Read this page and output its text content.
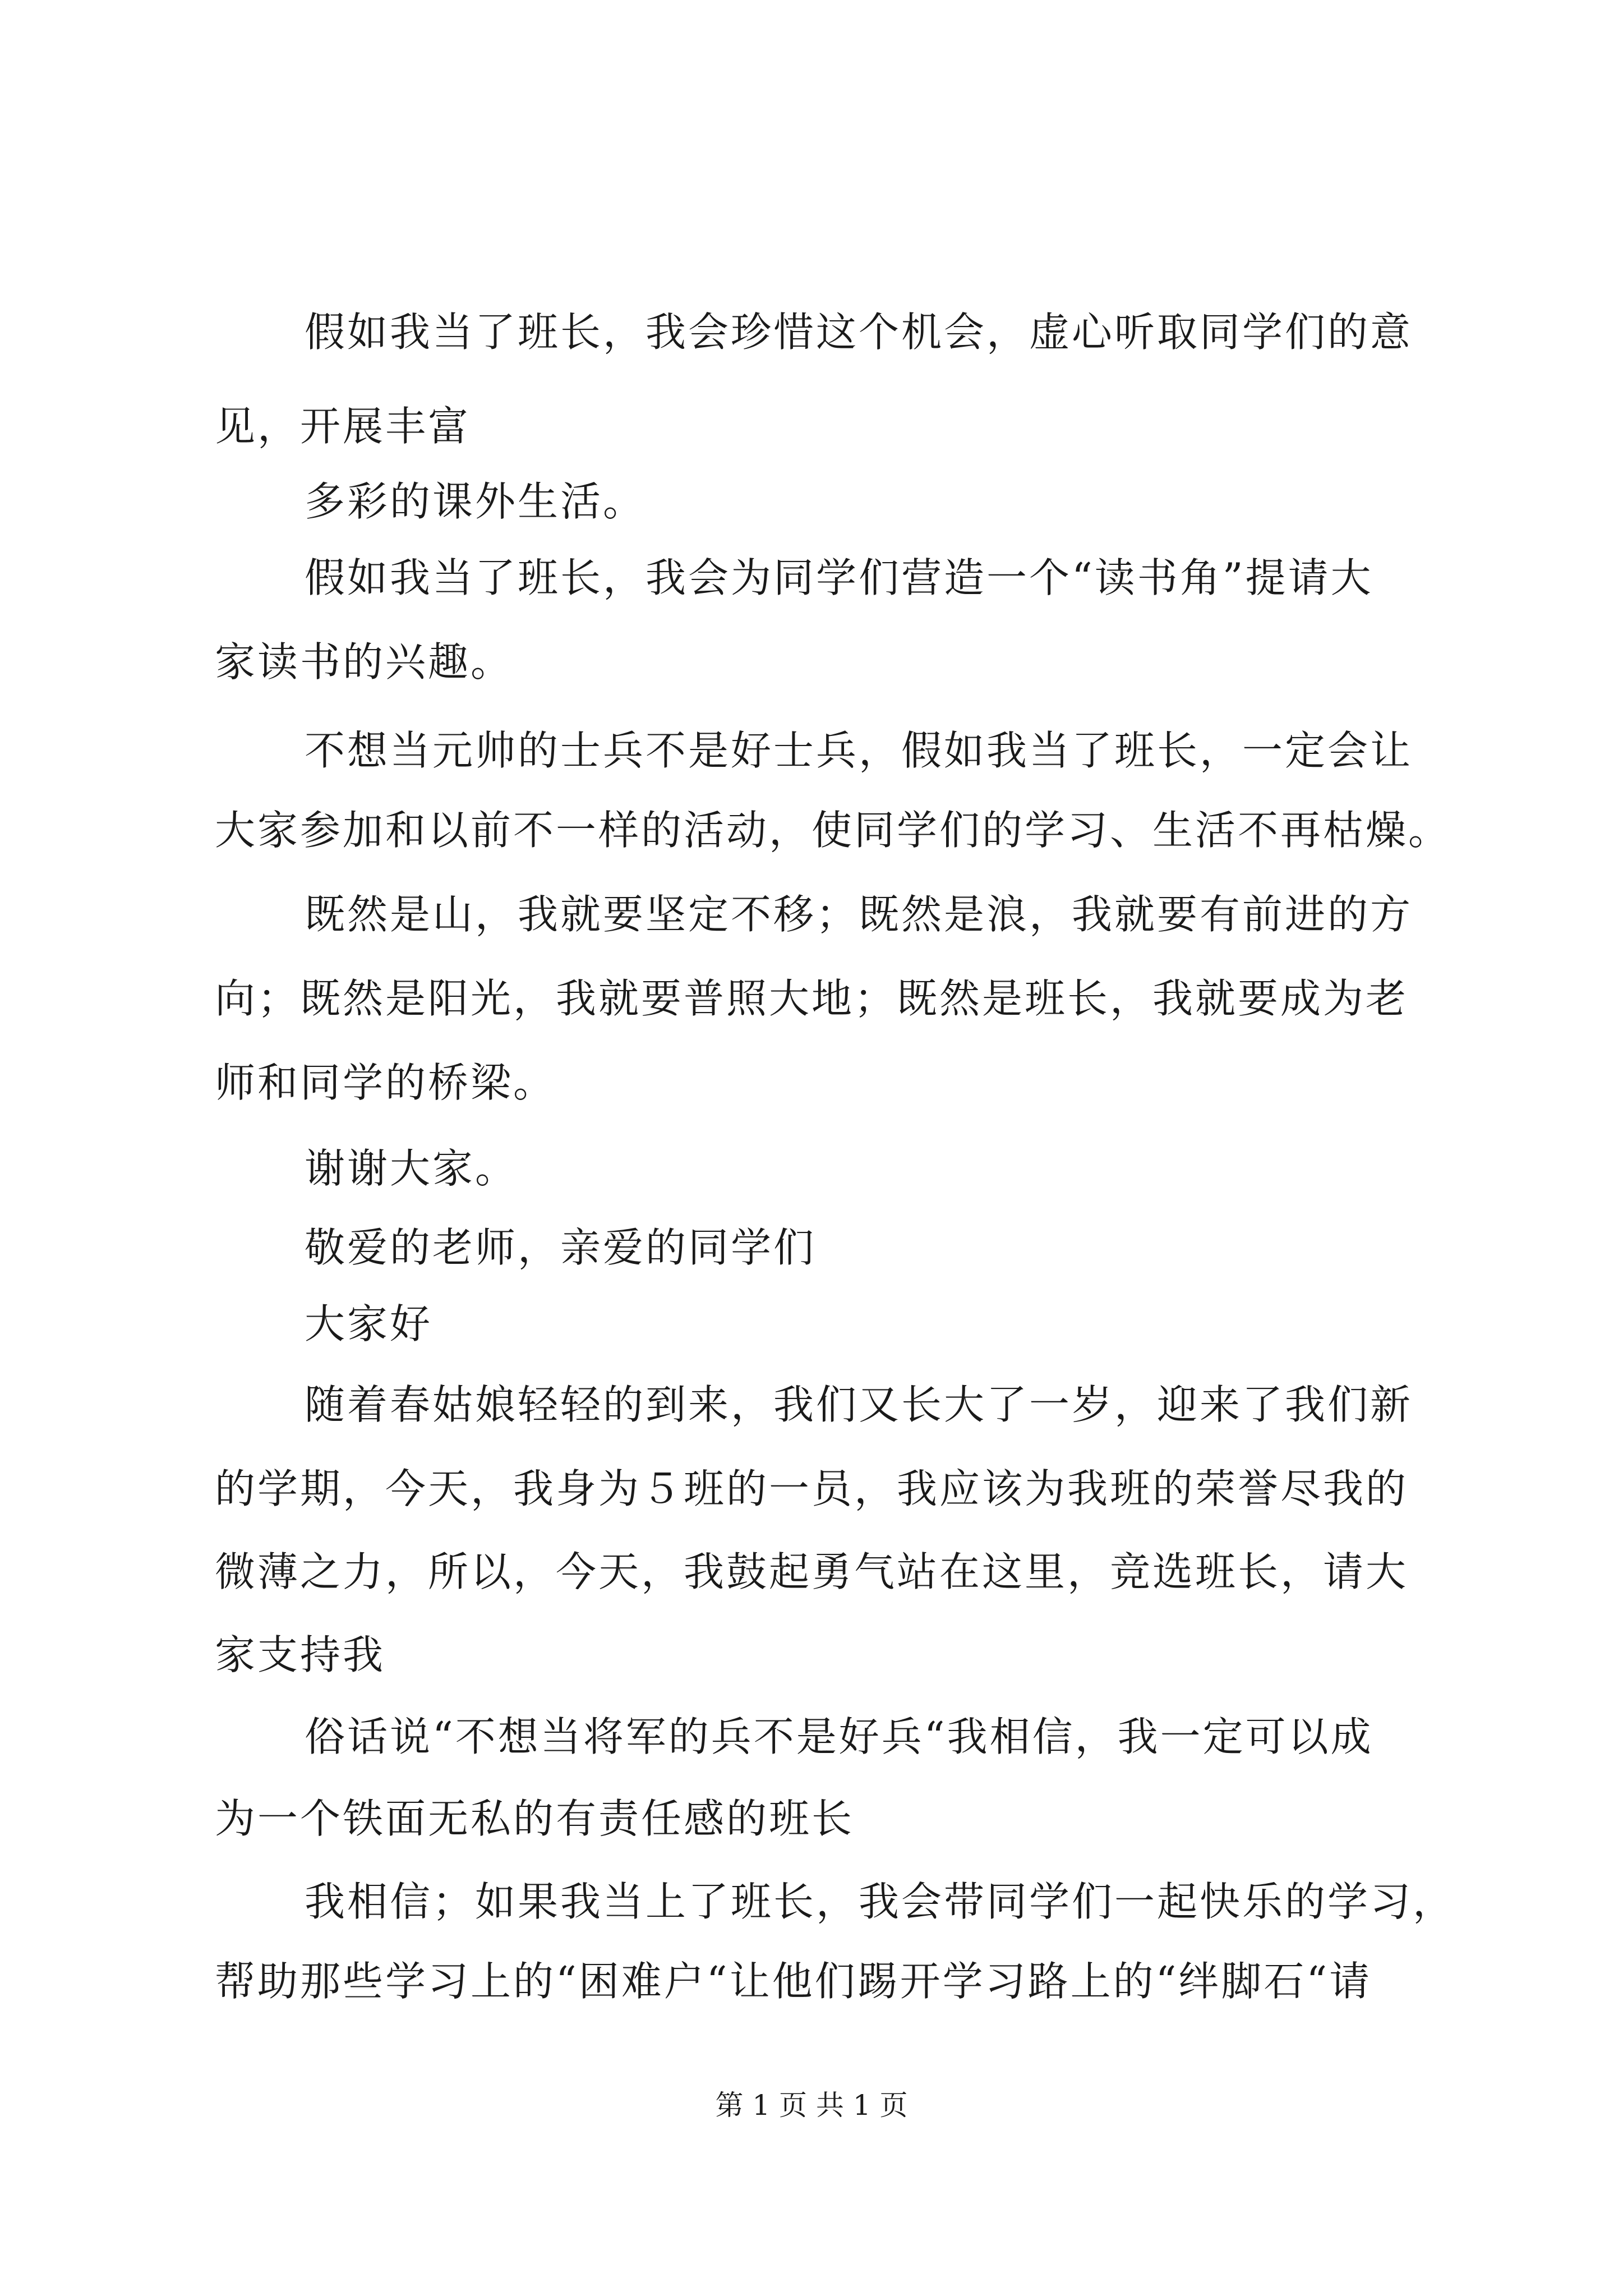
假如我当了班长，我会珍惜这个机会，虚心听取同学们的意
见，开展丰富
多彩的课外生活。
假如我当了班长，我会为同学们营造一个“读书角”提请大
家读书的兴趣。
不想当元帅的士兵不是好士兵，假如我当了班长，一定会让
大家参加和以前不一样的活动，使同学们的学习、生活不再枯燥。
既然是山，我就要坚定不移；既然是浪，我就要有前进的方
向；既然是阳光，我就要普照大地；既然是班长，我就要成为老
师和同学的桥梁。
谢谢大家。
敬爱的老师，亲爱的同学们
大家好
随着春姑娘轻轻的到来，我们又长大了一岁，迎来了我们新
的学期，今天，我身为５班的一员，我应该为我班的荣誉尽我的
微薄之力，所以，今天，我鼓起勇气站在这里，竞选班长，请大
家支持我
俗话说“不想当将军的兵不是好兵“我相信，我一定可以成
为一个铁面无私的有责任感的班长
我相信；如果我当上了班长，我会带同学们一起快乐的学习，
帮助那些学习上的“困难户“让他们踢开学习路上的“绊脚石“请
第 1 页 共 1 页
